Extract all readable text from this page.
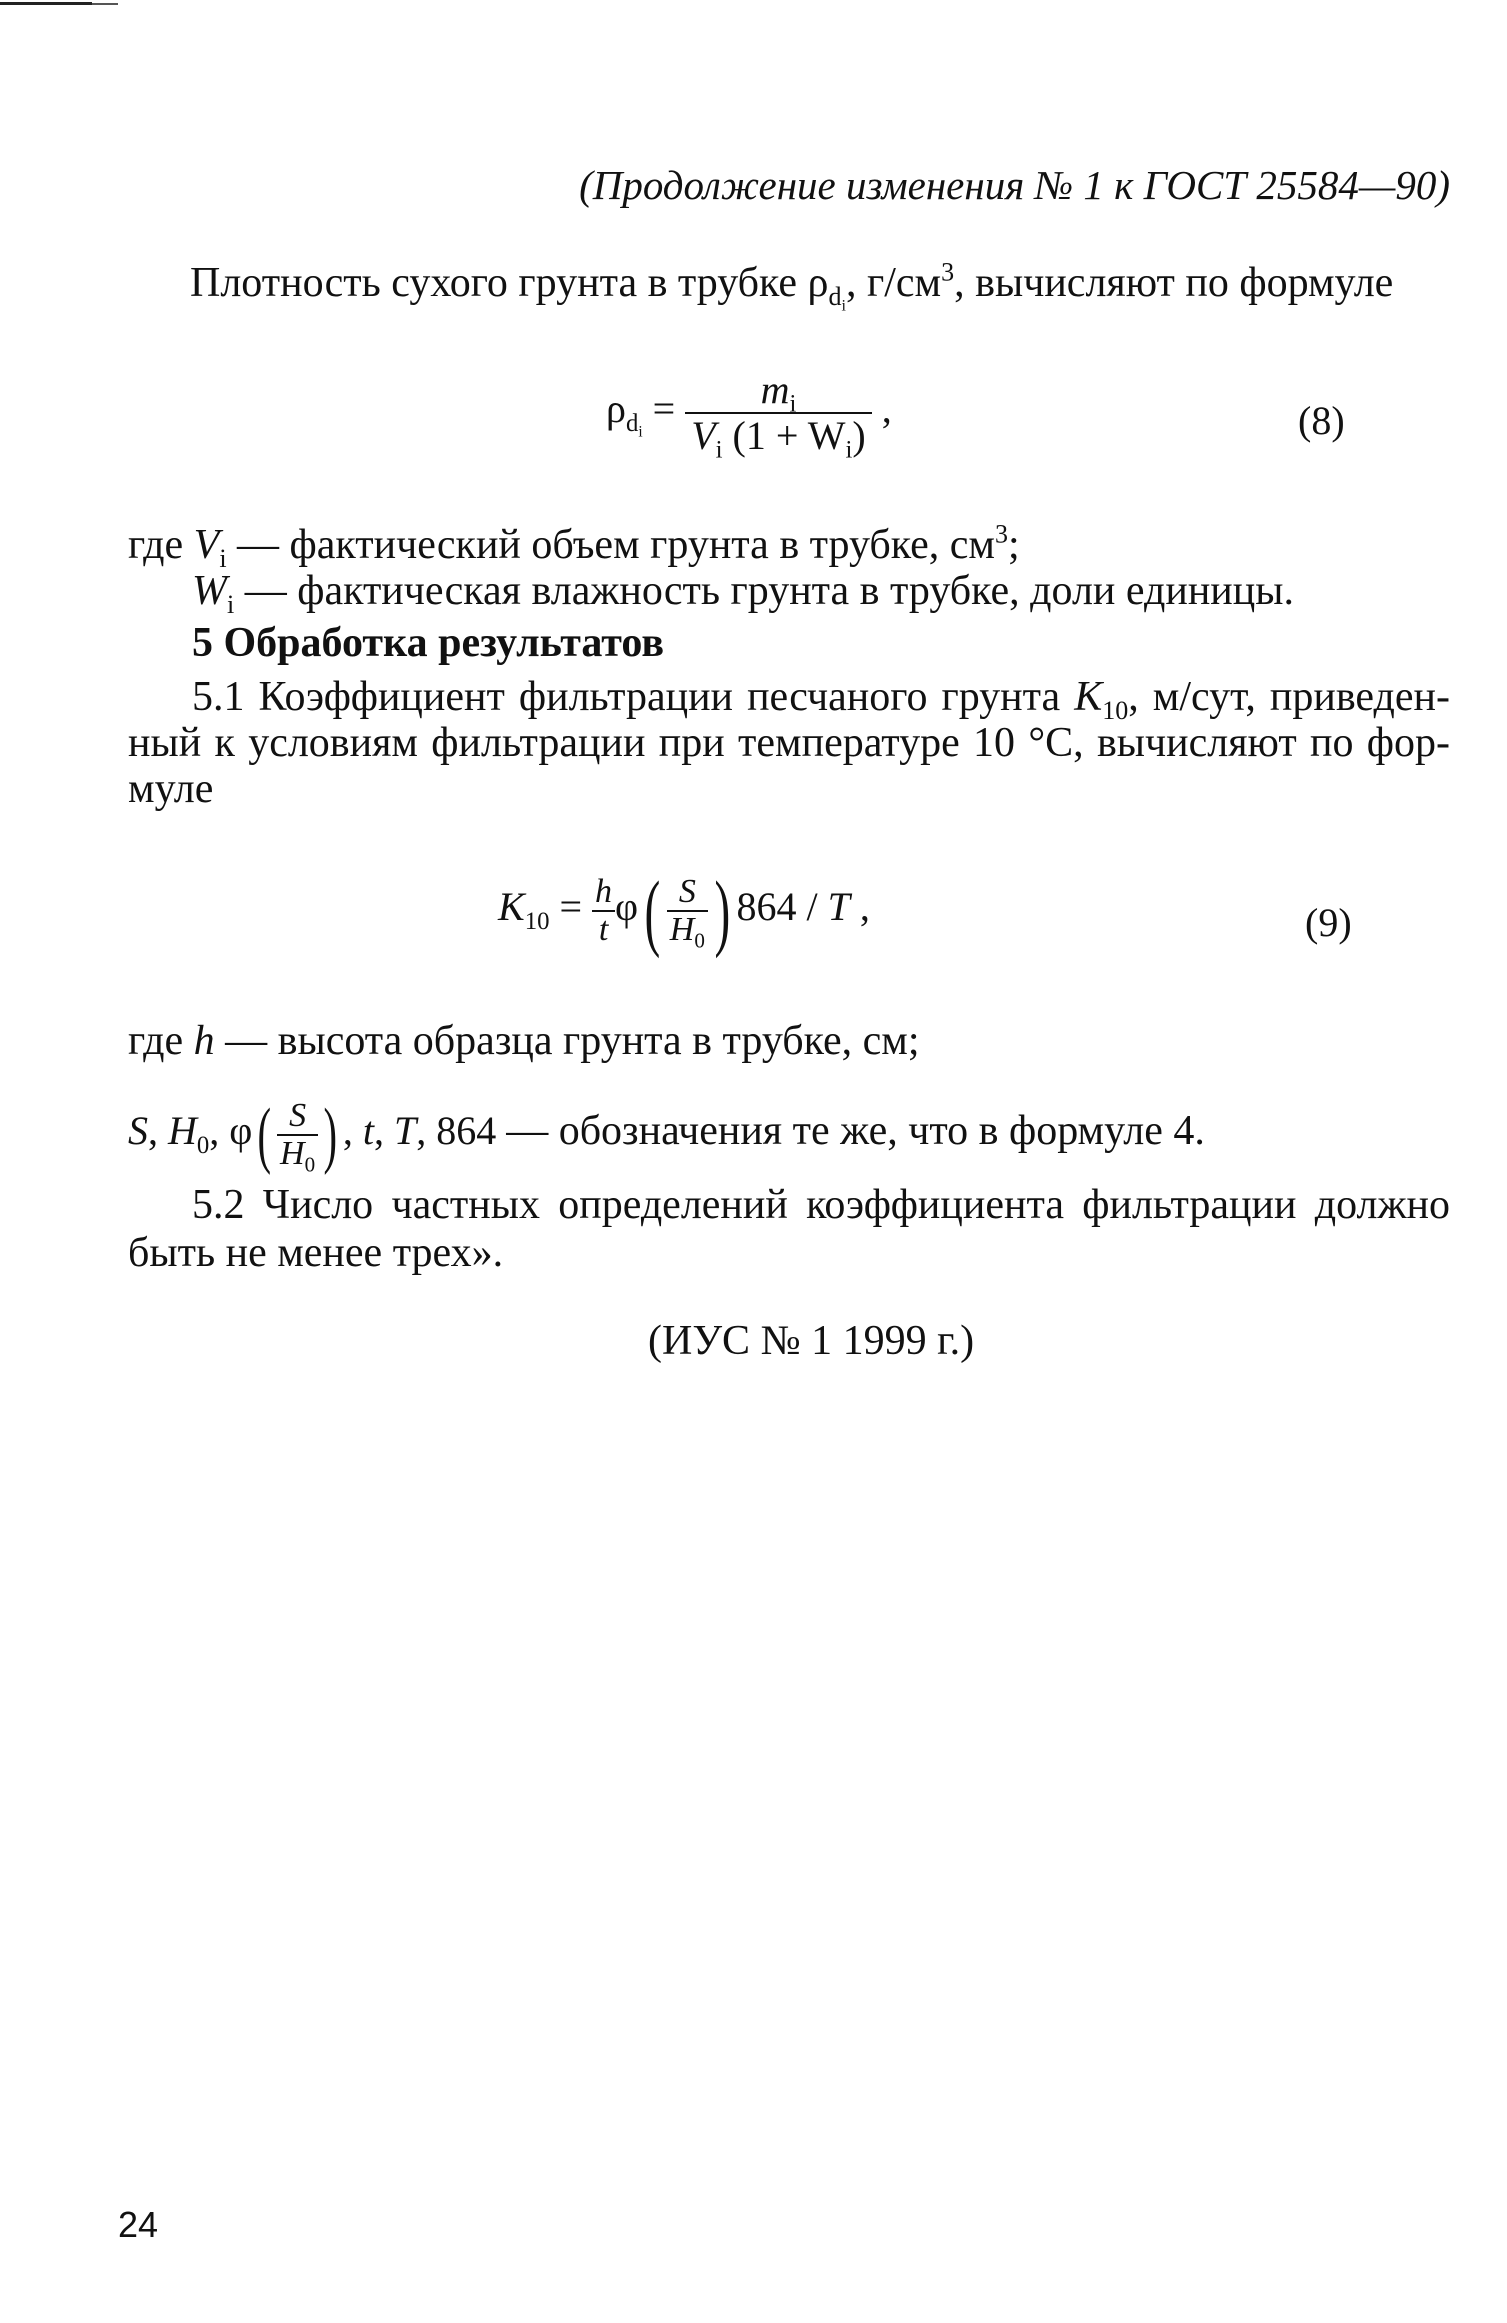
(Продолжение изменения № 1 к ГОСТ 25584—90)
Плотность сухого грунта в трубке $\rho_{d_i}$, $г/см^3$, вычисляют по формуле
$\rho_{d_i} = \frac{m_i}{V_i (1 + W_i)}$ ,	(8)
где $V_i$ — фактический объем грунта в трубке, $см^3$;
$W_i$ — фактическая влажность грунта в трубке, доли единицы.
5 Обработка результатов
5.1 Коэффициент фильтрации песчаного грунта $K_{10}$, м/сут, приведен-
ный к условиям фильтрации при температуре 10 °С, вычисляют по фор-
муле
$K_{10} = \frac{h}{t} \varphi( \frac{S}{H_0}$ ) 864 / T ,	(9)
где h — высота образца грунта в трубке, см;
S, $H_0$, $\varphi( \frac{S}{H_0}$ ) , t, T, 864 — обозначения те же, что в формуле 4.
5.2 Число частных определений коэффициента фильтрации должно
быть не менее трех».
(ИУС № 1 1999 г.)
24
